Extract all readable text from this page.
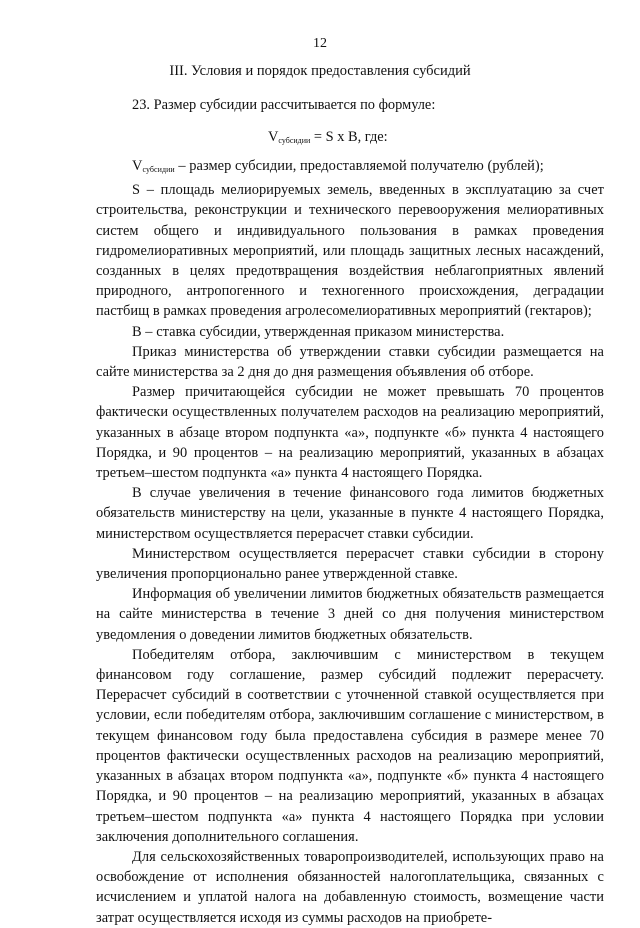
12
III. Условия и порядок предоставления субсидий
23. Размер субсидии рассчитывается по формуле:
$V_{субсидии} = S$ x B, где:

$V_{субсидии}$ – размер субсидии, предоставляемой получателю (рублей);

S – площадь мелиорируемых земель, введенных в эксплуатацию за счет строительства, реконструкции и технического перевооружения мелиоративных систем общего и индивидуального пользования в рамках проведения гидромелиоративных мероприятий, или площадь защитных лесных насаждений, созданных в целях предотвращения воздействия неблагоприятных явлений природного, антропогенного и техногенного происхождения, деградации пастбищ в рамках проведения агролесомелиоративных мероприятий (гектаров);

B – ставка субсидии, утвержденная приказом министерства.

Приказ министерства об утверждении ставки субсидии размещается на сайте министерства за 2 дня до дня размещения объявления об отборе.

Размер причитающейся субсидии не может превышать 70 процентов фактически осуществленных получателем расходов на реализацию мероприятий, указанных в абзаце втором подпункта «а», подпункте «б» пункта 4 настоящего Порядка, и 90 процентов – на реализацию мероприятий, указанных в абзацах третьем–шестом подпункта «а» пункта 4 настоящего Порядка.

В случае увеличения в течение финансового года лимитов бюджетных обязательств министерству на цели, указанные в пункте 4 настоящего Порядка, министерством осуществляется перерасчет ставки субсидии.

Министерством осуществляется перерасчет ставки субсидии в сторону увеличения пропорционально ранее утвержденной ставке.

Информация об увеличении лимитов бюджетных обязательств размещается на сайте министерства в течение 3 дней со дня получения министерством уведомления о доведении лимитов бюджетных обязательств.

Победителям отбора, заключившим с министерством в текущем финансовом году соглашение, размер субсидий подлежит перерасчету. Перерасчет субсидий в соответствии с уточненной ставкой осуществляется при условии, если победителям отбора, заключившим соглашение с министерством, в текущем финансовом году была предоставлена субсидия в размере менее 70 процентов фактически осуществленных расходов на реализацию мероприятий, указанных в абзацах втором подпункта «а», подпункте «б» пункта 4 настоящего Порядка, и 90 процентов – на реализацию мероприятий, указанных в абзацах третьем–шестом подпункта «а» пункта 4 настоящего Порядка при условии заключения дополнительного соглашения.

Для сельскохозяйственных товаропроизводителей, использующих право на освобождение от исполнения обязанностей налогоплательщика, связанных с исчислением и уплатой налога на добавленную стоимость, возмещение части затрат осуществляется исходя из суммы расходов на приобрете-
